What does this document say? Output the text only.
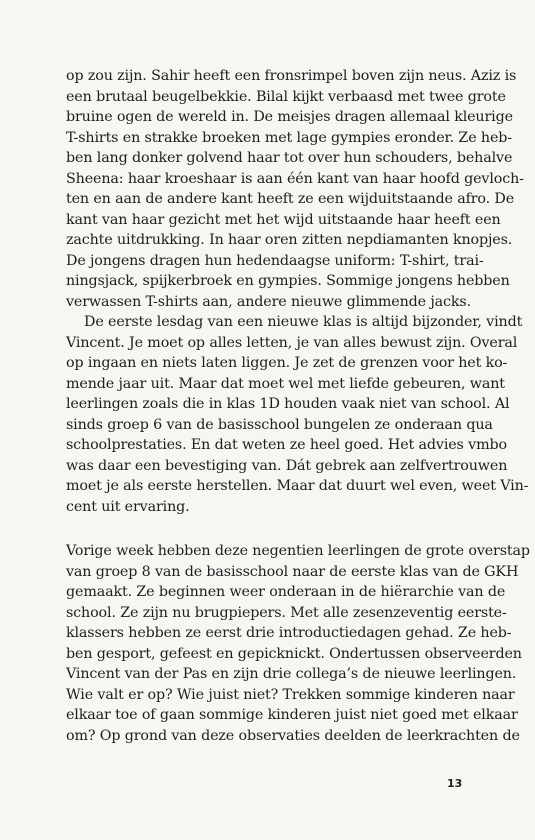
op zou zijn. Sahir heeft een fronsrimpel boven zijn neus. Aziz is
een brutaal beugelbekkie. Bilal kijkt verbaasd met twee grote
bruine ogen de wereld in. De meisjes dragen allemaal kleurige
T-shirts en strakke broeken met lage gympies eronder. Ze heb-
ben lang donker golvend haar tot over hun schouders, behalve
Sheena: haar kroeshaar is aan één kant van haar hoofd gevloch-
ten en aan de andere kant heeft ze een wijduitstaande afro. De
kant van haar gezicht met het wijd uitstaande haar heeft een
zachte uitdrukking. In haar oren zitten nepdiamanten knopjes.
De jongens dragen hun hedendaagse uniform: T-shirt, trai-
ningsjack, spijkerbroek en gympies. Sommige jongens hebben
verwassen T-shirts aan, andere nieuwe glimmende jacks.
De eerste lesdag van een nieuwe klas is altijd bijzonder, vindt
Vincent. Je moet op alles letten, je van alles bewust zijn. Overal
op ingaan en niets laten liggen. Je zet de grenzen voor het ko-
mende jaar uit. Maar dat moet wel met liefde gebeuren, want
leerlingen zoals die in klas 1D houden vaak niet van school. Al
sinds groep 6 van de basisschool bungelen ze onderaan qua
schoolprestaties. En dat weten ze heel goed. Het advies vmbo
was daar een bevestiging van. Dát gebrek aan zelfvertrouwen
moet je als eerste herstellen. Maar dat duurt wel even, weet Vin-
cent uit ervaring.
Vorige week hebben deze negentien leerlingen de grote overstap
van groep 8 van de basisschool naar de eerste klas van de GKH
gemaakt. Ze beginnen weer onderaan in de hiërarchie van de
school. Ze zijn nu brugpiepers. Met alle zesenzeventig eerste-
klassers hebben ze eerst drie introductiedagen gehad. Ze heb-
ben gesport, gefeest en gepicknickt. Ondertussen observeerden
Vincent van der Pas en zijn drie collega’s de nieuwe leerlingen.
Wie valt er op? Wie juist niet? Trekken sommige kinderen naar
elkaar toe of gaan sommige kinderen juist niet goed met elkaar
om? Op grond van deze observaties deelden de leerkrachten de
13
